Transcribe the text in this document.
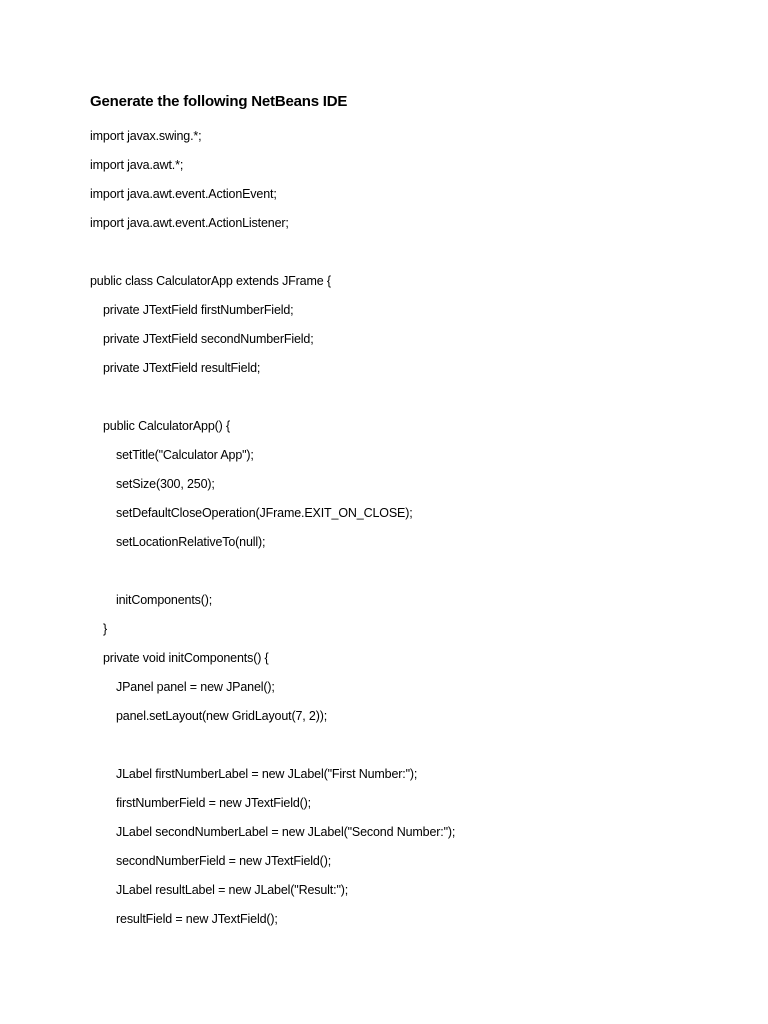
Generate the following NetBeans IDE
import javax.swing.*;
import java.awt.*;
import java.awt.event.ActionEvent;
import java.awt.event.ActionListener;
public class CalculatorApp extends JFrame {
private JTextField firstNumberField;
private JTextField secondNumberField;
private JTextField resultField;
public CalculatorApp() {
setTitle("Calculator App");
setSize(300, 250);
setDefaultCloseOperation(JFrame.EXIT_ON_CLOSE);
setLocationRelativeTo(null);
initComponents();
}
private void initComponents() {
JPanel panel = new JPanel();
panel.setLayout(new GridLayout(7, 2));
JLabel firstNumberLabel = new JLabel("First Number:");
firstNumberField = new JTextField();
JLabel secondNumberLabel = new JLabel("Second Number:");
secondNumberField = new JTextField();
JLabel resultLabel = new JLabel("Result:");
resultField = new JTextField();
